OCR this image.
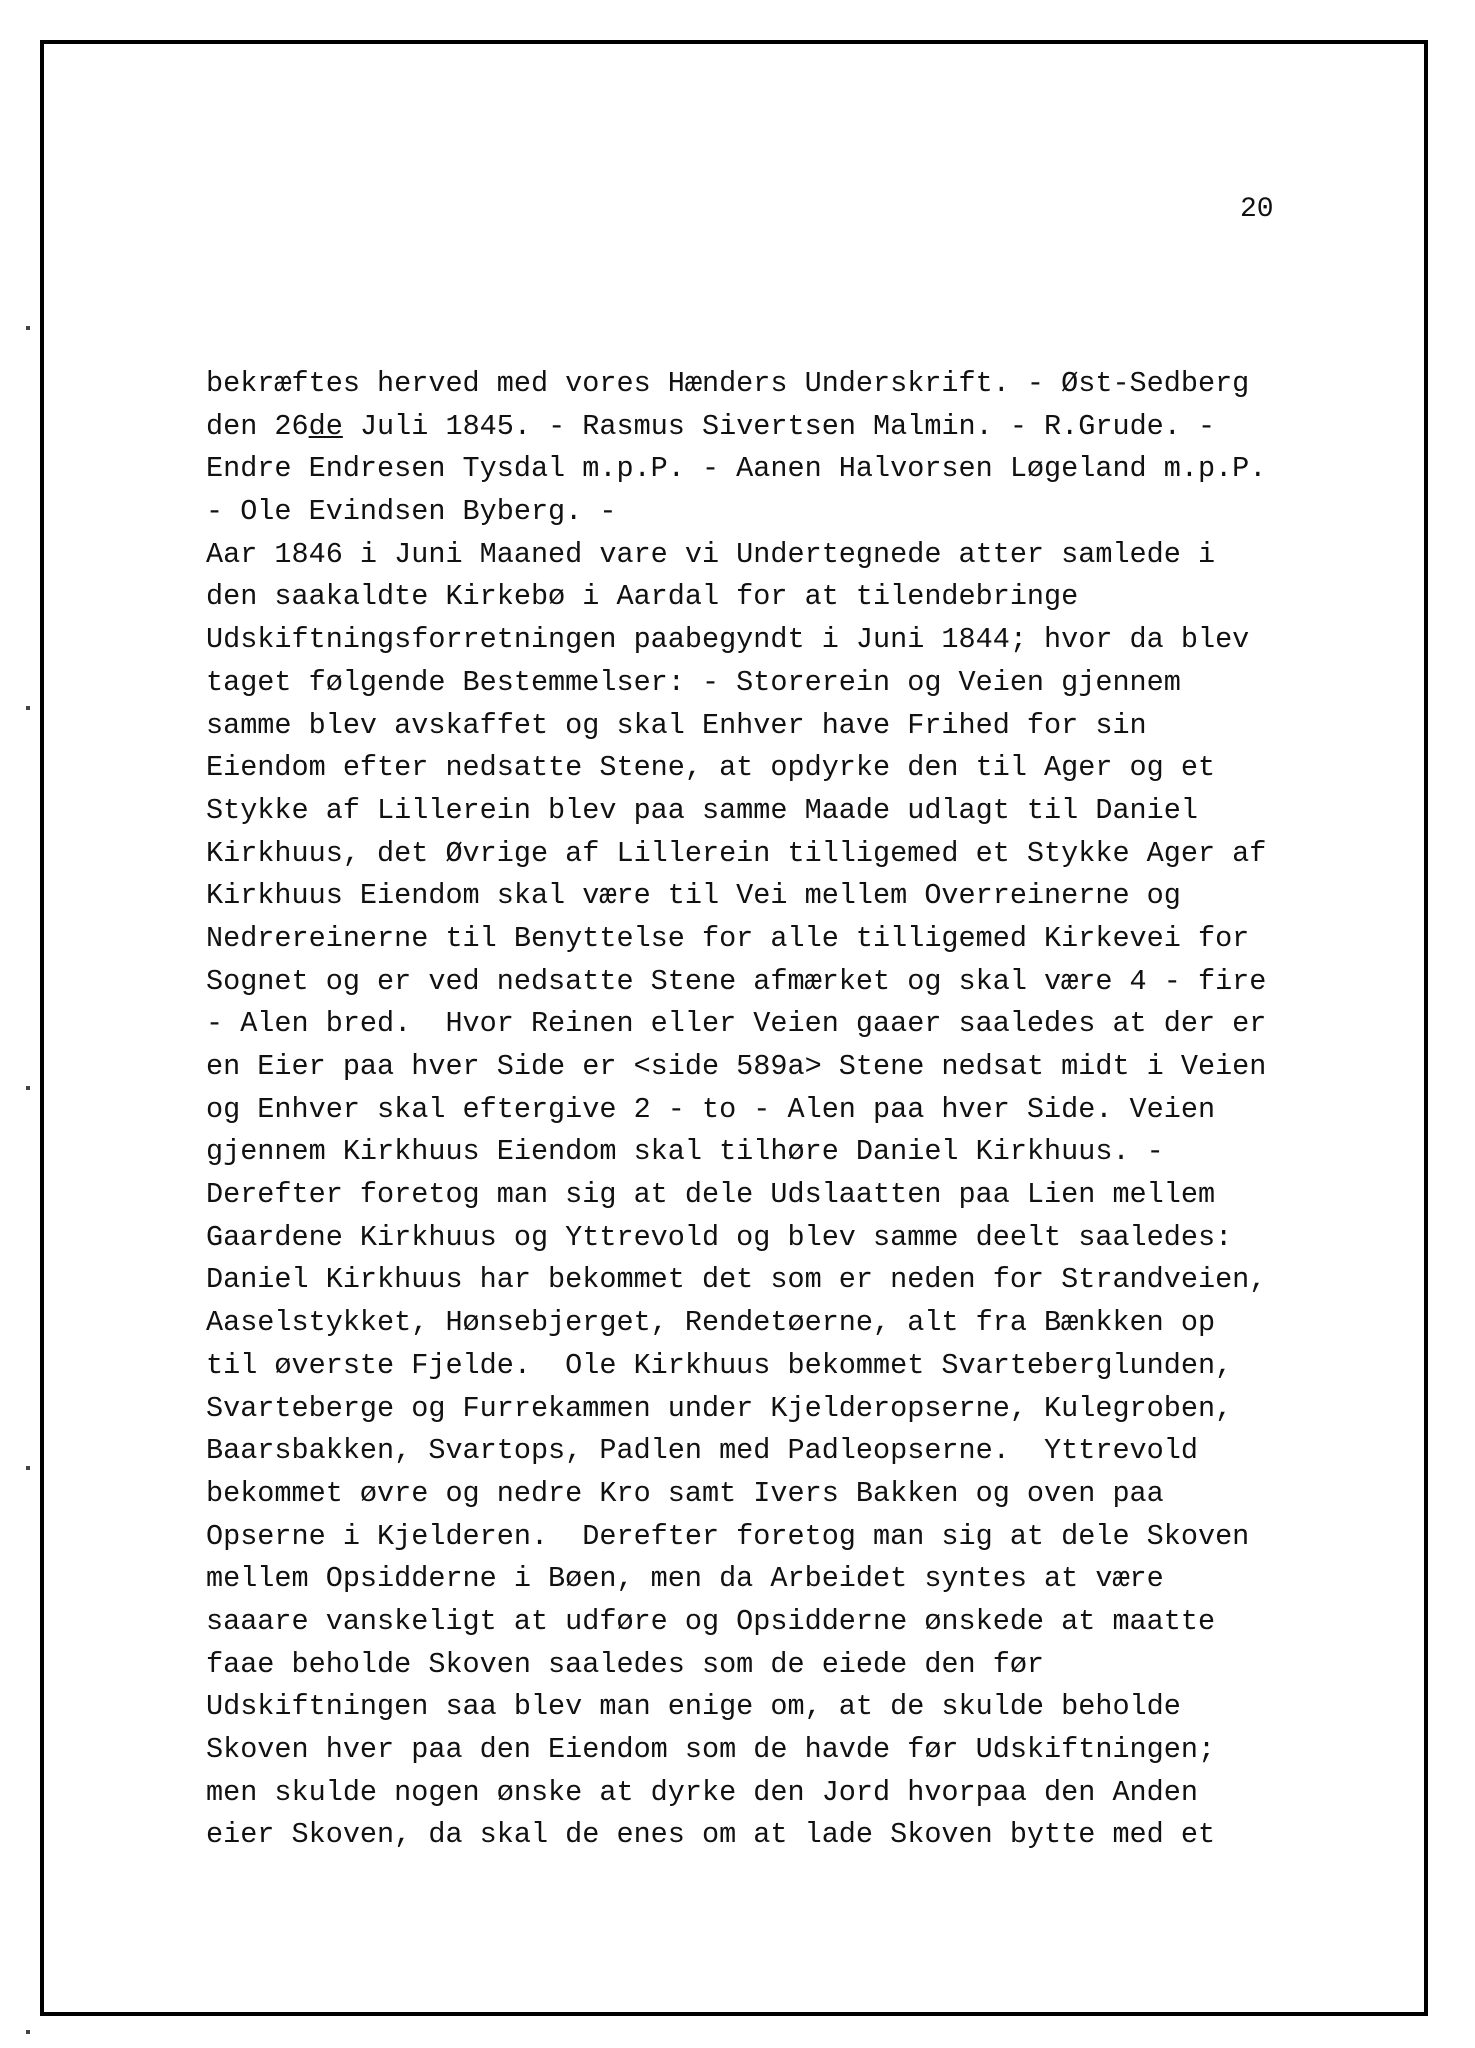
20
bekræftes herved med vores Hænders Underskrift. - Øst-Sedberg
den 26de Juli 1845. - Rasmus Sivertsen Malmin. - R.Grude. -
Endre Endresen Tysdal m.p.P. - Aanen Halvorsen Løgeland m.p.P.
- Ole Evindsen Byberg. -
Aar 1846 i Juni Maaned vare vi Undertegnede atter samlede i
den saakaldte Kirkebø i Aardal for at tilendebringe
Udskiftningsforretningen paabegyndt i Juni 1844; hvor da blev
taget følgende Bestemmelser: - Storerein og Veien gjennem
samme blev avskaffet og skal Enhver have Frihed for sin
Eiendom efter nedsatte Stene, at opdyrke den til Ager og et
Stykke af Lillerein blev paa samme Maade udlagt til Daniel
Kirkhuus, det Øvrige af Lillerein tilligemed et Stykke Ager af
Kirkhuus Eiendom skal være til Vei mellem Overreinerne og
Nedrereinerne til Benyttelse for alle tilligemed Kirkevei for
Sognet og er ved nedsatte Stene afmærket og skal være 4 - fire
- Alen bred.  Hvor Reinen eller Veien gaaer saaledes at der er
en Eier paa hver Side er <side 589a> Stene nedsat midt i Veien
og Enhver skal eftergive 2 - to - Alen paa hver Side. Veien
gjennem Kirkhuus Eiendom skal tilhøre Daniel Kirkhuus. -
Derefter foretog man sig at dele Udslaatten paa Lien mellem
Gaardene Kirkhuus og Yttrevold og blev samme deelt saaledes:
Daniel Kirkhuus har bekommet det som er neden for Strandveien,
Aaselstykket, Hønsebjerget, Rendetøerne, alt fra Bænkken op
til øverste Fjelde.  Ole Kirkhuus bekommet Svarteberglunden,
Svarteberge og Furrekammen under Kjelderopserne, Kulegroben,
Baarsbakken, Svartops, Padlen med Padleopserne.  Yttrevold
bekommet øvre og nedre Kro samt Ivers Bakken og oven paa
Opserne i Kjelderen.  Derefter foretog man sig at dele Skoven
mellem Opsidderne i Bøen, men da Arbeidet syntes at være
saaare vanskeligt at udføre og Opsidderne ønskede at maatte
faae beholde Skoven saaledes som de eiede den før
Udskiftningen saa blev man enige om, at de skulde beholde
Skoven hver paa den Eiendom som de havde før Udskiftningen;
men skulde nogen ønske at dyrke den Jord hvorpaa den Anden
eier Skoven, da skal de enes om at lade Skoven bytte med et
